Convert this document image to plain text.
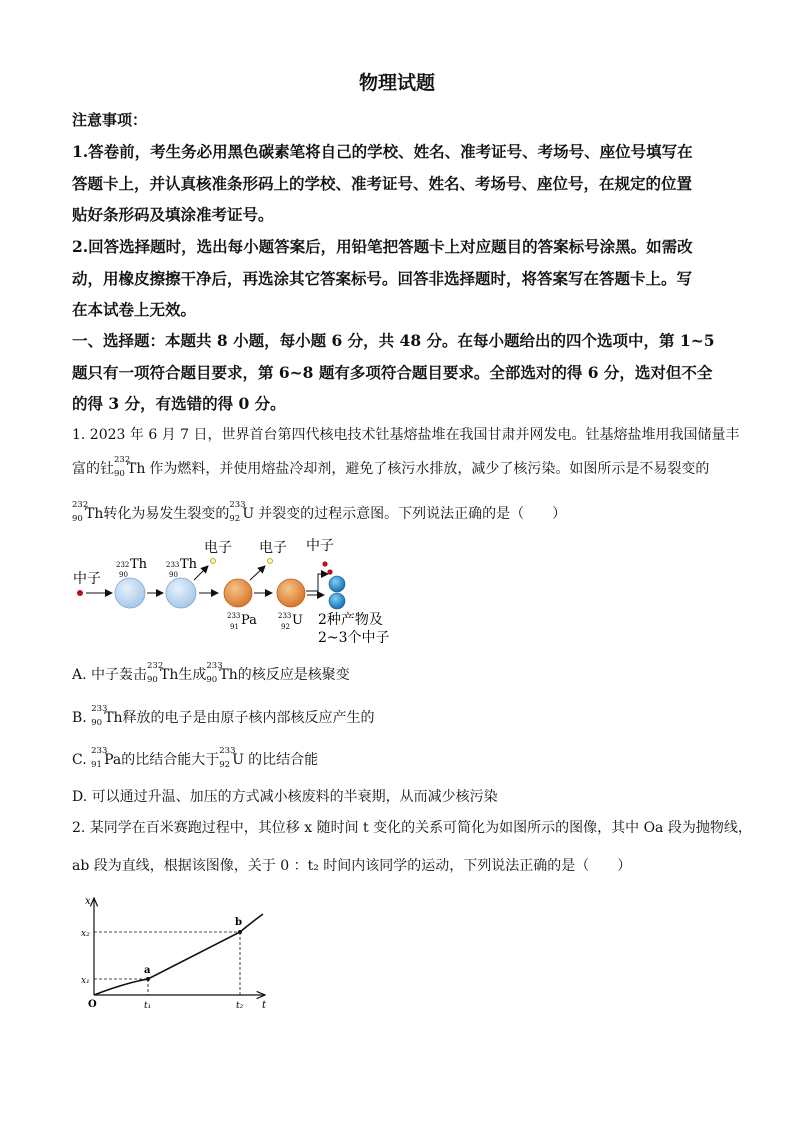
物理试题
注意事项：
1.答卷前，考生务必用黑色碳素笔将自己的学校、姓名、准考证号、考场号、座位号填写在
答题卡上，并认真核准条形码上的学校、准考证号、姓名、考场号、座位号，在规定的位置
贴好条形码及填涂准考证号。
2.回答选择题时，选出每小题答案后，用铅笔把答题卡上对应题目的答案标号涂黑。如需改
动，用橡皮擦擦干净后，再选涂其它答案标号。回答非选择题时，将答案写在答题卡上。写
在本试卷上无效。
一、选择题：本题共 8 小题，每小题 6 分，共 48 分。在每小题给出的四个选项中，第 1~5
题只有一项符合题目要求，第 6~8 题有多项符合题目要求。全部选对的得 6 分，选对但不全
的得 3 分，有选错的得 0 分。
1. 2023 年 6 月 7 日，世界首台第四代核电技术钍基熔盐堆在我国甘肃并网发电。钍基熔盐堆用我国储量丰
富的钍
232
90 Th 作为燃料，并使用熔盐冷却剂，避免了核污水排放，减少了核污染。如图所示是不易裂变的
232
90 Th转化为易发生裂变的
233
92 U 并裂变的过程示意图。下列说法正确的是（　　）
中子
232
90
Th	233
90
Th
电子
233
91 Pa
电子
233
92 U
中子
2种产物及
2~3个中子
A. 中子轰击
232
90 Th生成
233
90 Th的核反应是核聚变
B.
233
90 Th释放的电子是由原子核内部核反应产生的
C.
233
91 Pa的比结合能大于
233
92 U 的比结合能
D. 可以通过升温、加压的方式减小核废料的半衰期，从而减少核污染
2. 某同学在百米赛跑过程中，其位移 x 随时间 t 变化的关系可简化为如图所示的图像，其中 Oa 段为抛物线，
ab 段为直线，根据该图像，关于 0 ：t₂ 时间内该同学的运动，下列说法正确的是（　　）
x
t
O
a
b
x₁
x₂
t₁	t₂
